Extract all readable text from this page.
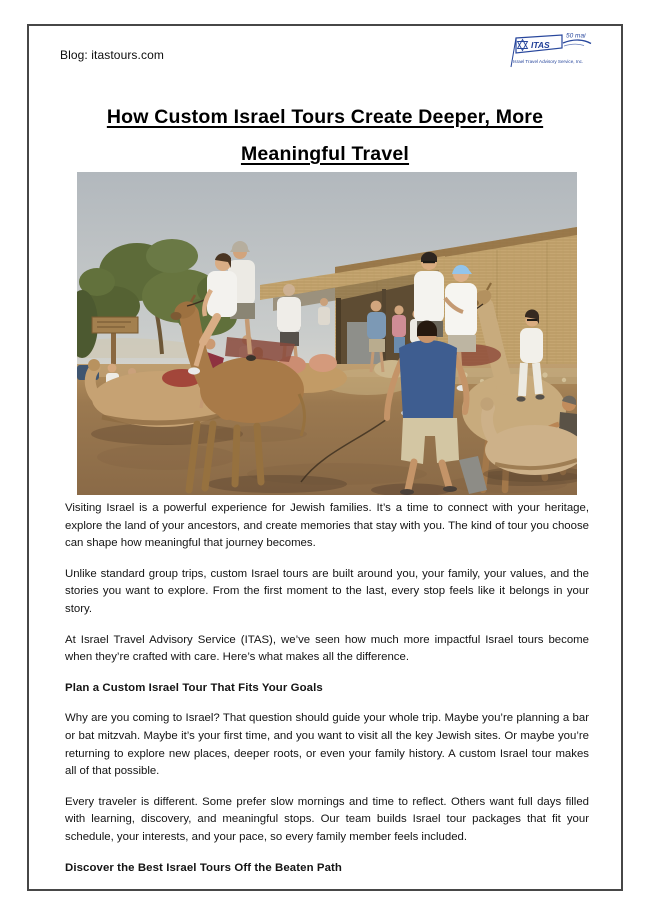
Blog: itastours.com
ITAS
50 mai
Israel Travel Advisory Service, Inc.
How Custom Israel Tours Create Deeper, More
Meaningful Travel

Visiting Israel is a powerful experience for Jewish families. It’s a time to connect with your heritage, explore the land of your ancestors, and create memories that stay with you. The kind of tour you choose can shape how meaningful that journey becomes.

Unlike standard group trips, custom Israel tours are built around you, your family, your values, and the stories you want to explore. From the first moment to the last, every stop feels like it belongs in your story.

At Israel Travel Advisory Service (ITAS), we’ve seen how much more impactful Israel tours become when they’re crafted with care. Here’s what makes all the difference.

Plan a Custom Israel Tour That Fits Your Goals

Why are you coming to Israel? That question should guide your whole trip. Maybe you’re planning a bar or bat mitzvah. Maybe it’s your first time, and you want to visit all the key Jewish sites. Or maybe you’re returning to explore new places, deeper roots, or even your family history. A custom Israel tour makes all of that possible.

Every traveler is different. Some prefer slow mornings and time to reflect. Others want full days filled with learning, discovery, and meaningful stops. Our team builds Israel tour packages that fit your schedule, your interests, and your pace, so every family member feels included.

Discover the Best Israel Tours Off the Beaten Path
